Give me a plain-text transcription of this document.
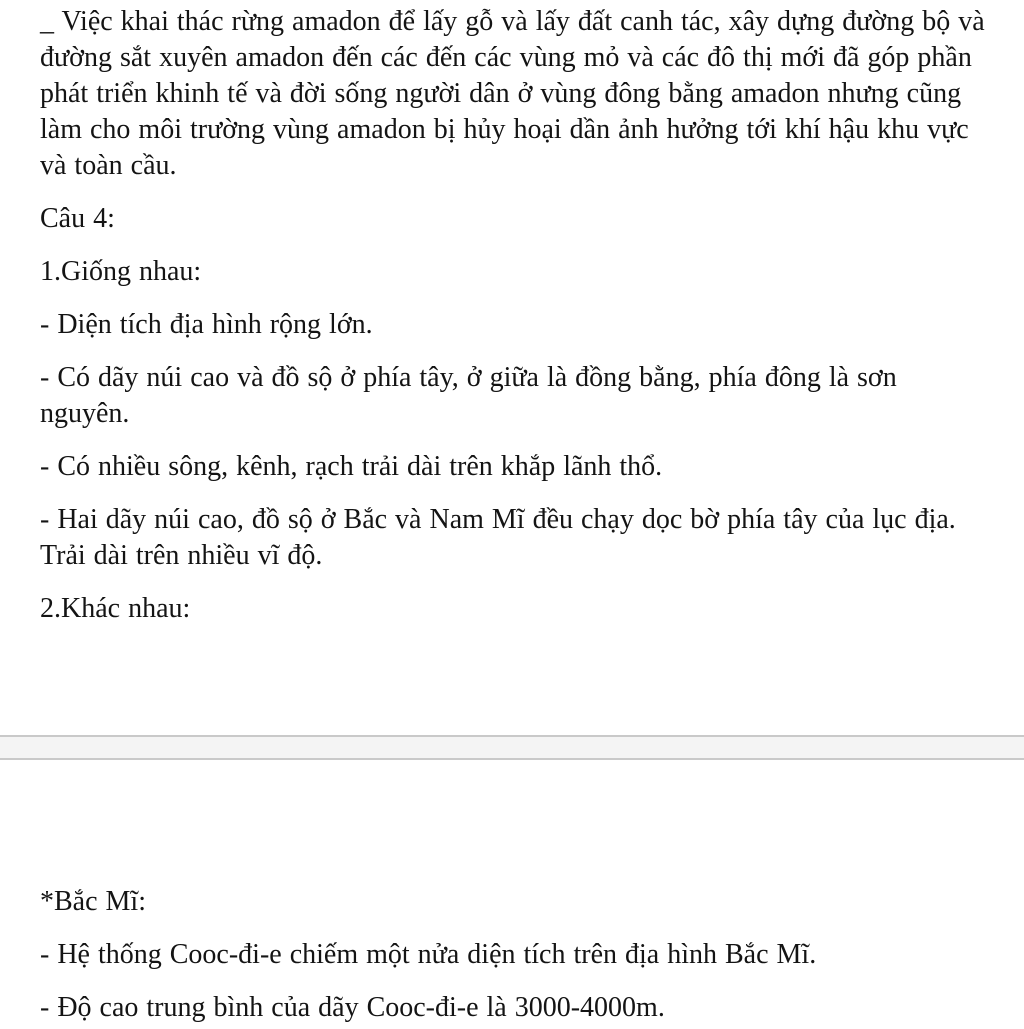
_ Việc khai thác rừng amadon để lấy gỗ và lấy đất canh tác, xây dựng đường bộ và đường sắt xuyên amadon đến các đến các vùng mỏ và các đô thị mới đã góp phần phát triển khinh tế và đời sống người dân ở vùng đông bằng amadon nhưng cũng làm cho môi trường vùng amadon bị hủy hoại dần ảnh hưởng tới khí hậu khu vực và toàn cầu.

Câu 4:

1.Giống nhau:

- Diện tích địa hình rộng lớn.

- Có dãy núi cao và đồ sộ ở phía tây, ở giữa là đồng bằng, phía đông là sơn nguyên.

- Có nhiều sông, kênh, rạch trải dài trên khắp lãnh thổ.

- Hai dãy núi cao, đồ sộ ở Bắc và Nam Mĩ đều chạy dọc bờ phía tây của lục địa. Trải dài trên nhiều vĩ độ.

2.Khác nhau:

*Bắc Mĩ:

- Hệ thống Cooc-đi-e chiếm một nửa diện tích trên địa hình Bắc Mĩ.

- Độ cao trung bình của dãy Cooc-đi-e là 3000-4000m.
